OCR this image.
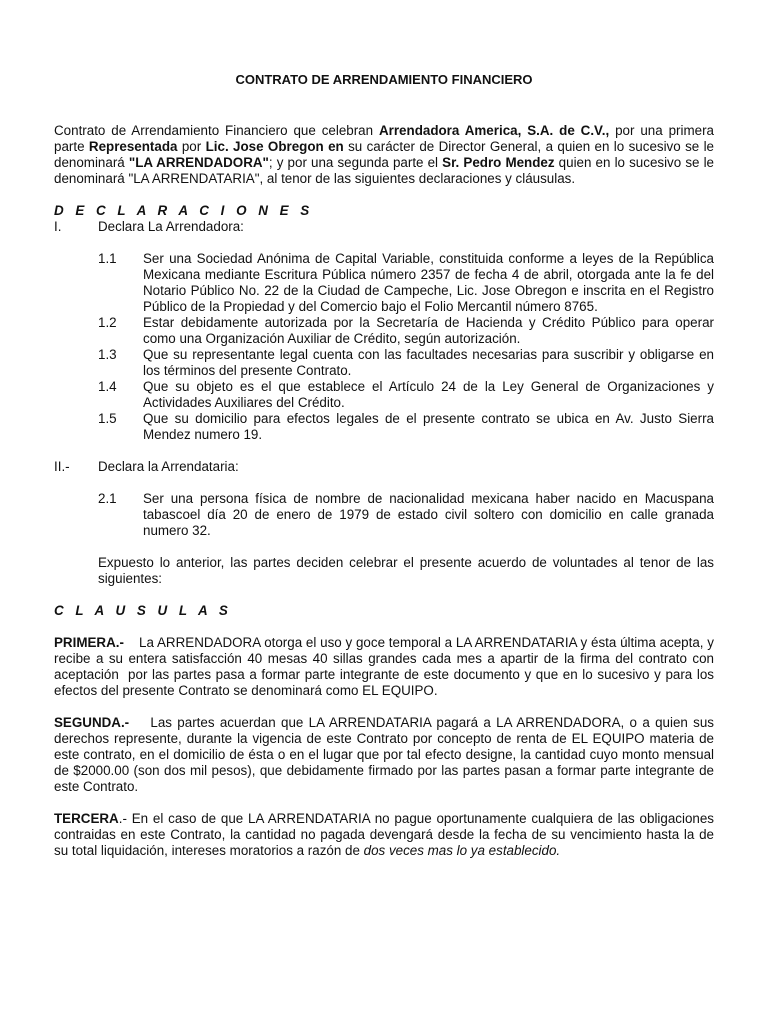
CONTRATO DE ARRENDAMIENTO FINANCIERO
Contrato de Arrendamiento Financiero que celebran Arrendadora America, S.A. de C.V., por una primera parte Representada por Lic. Jose Obregon en su carácter de Director General, a quien en lo sucesivo se le denominará "LA ARRENDADORA"; y por una segunda parte el Sr. Pedro Mendez quien en lo sucesivo se le denominará "LA ARRENDATARIA", al tenor de las siguientes declaraciones y cláusulas.
D E C L A R A C I O N E S
I.	Declara La Arrendadora:
1.1	Ser una Sociedad Anónima de Capital Variable, constituida conforme a leyes de la República Mexicana mediante Escritura Pública número 2357 de fecha 4 de abril, otorgada ante la fe del Notario Público No. 22 de la Ciudad de Campeche, Lic. Jose Obregon e inscrita en el Registro Público de la Propiedad y del Comercio bajo el Folio Mercantil número 8765.
1.2	Estar debidamente autorizada por la Secretaría de Hacienda y Crédito Público para operar como una Organización Auxiliar de Crédito, según autorización.
1.3	Que su representante legal cuenta con las facultades necesarias para suscribir y obligarse en los términos del presente Contrato.
1.4	Que su objeto es el que establece el Artículo 24 de la Ley General de Organizaciones y Actividades Auxiliares del Crédito.
1.5	Que su domicilio para efectos legales de el presente contrato se ubica en Av. Justo Sierra Mendez numero 19.
II.-	Declara la Arrendataria:
2.1	Ser una persona física de nombre de nacionalidad mexicana haber nacido en Macuspana tabascoel día 20 de enero de 1979 de estado civil soltero con domicilio en calle granada numero 32.
Expuesto lo anterior, las partes deciden celebrar el presente acuerdo de voluntades al tenor de las siguientes:
C L A U S U L A S
PRIMERA.-    La ARRENDADORA otorga el uso y goce temporal a LA ARRENDATARIA y ésta última acepta, y recibe a su entera satisfacción 40 mesas 40 sillas grandes cada mes a apartir de la firma del contrato con aceptación  por las partes pasa a formar parte integrante de este documento y que en lo sucesivo y para los efectos del presente Contrato se denominará como EL EQUIPO.
SEGUNDA.-    Las partes acuerdan que LA ARRENDATARIA pagará a LA ARRENDADORA, o a quien sus derechos represente, durante la vigencia de este Contrato por concepto de renta de EL EQUIPO materia de este contrato, en el domicilio de ésta o en el lugar que por tal efecto designe, la cantidad cuyo monto mensual de $2000.00 (son dos mil pesos), que debidamente firmado por las partes pasan a formar parte integrante de este Contrato.
TERCERA.- En el caso de que LA ARRENDATARIA no pague oportunamente cualquiera de las obligaciones contraidas en este Contrato, la cantidad no pagada devengará desde la fecha de su vencimiento hasta la de su total liquidación, intereses moratorios a razón de dos veces mas lo ya establecido.
